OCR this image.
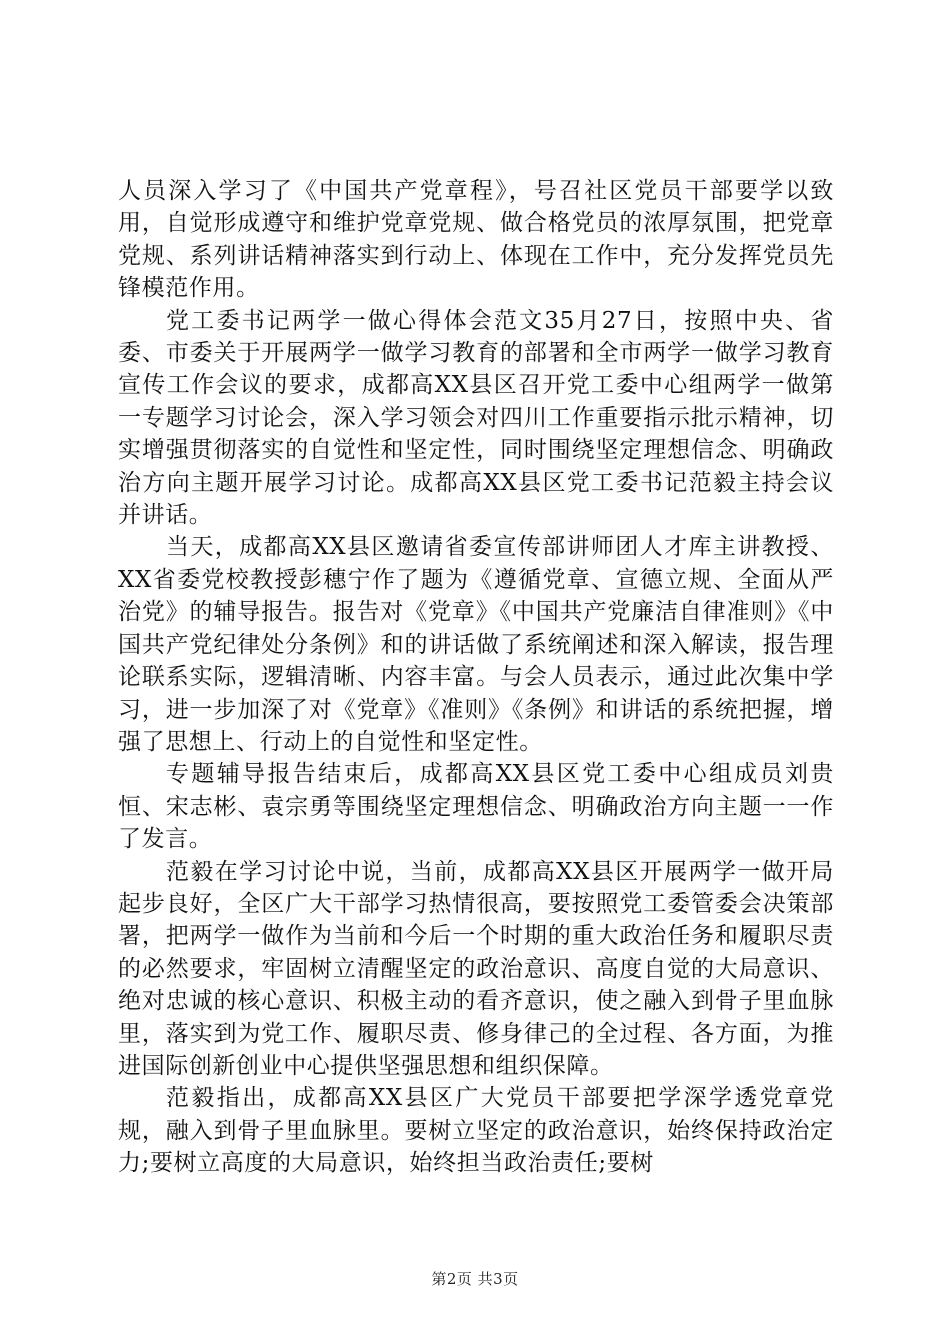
人员深入学习了《中国共产党章程》，号召社区党员干部要学以致用，自觉形成遵守和维护党章党规、做合格党员的浓厚氛围，把党章党规、系列讲话精神落实到行动上、体现在工作中，充分发挥党员先锋模范作用。

党工委书记两学一做心得体会范文35月27日，按照中央、省委、市委关于开展两学一做学习教育的部署和全市两学一做学习教育宣传工作会议的要求，成都高XX县区召开党工委中心组两学一做第一专题学习讨论会，深入学习领会对四川工作重要指示批示精神，切实增强贯彻落实的自觉性和坚定性，同时围绕坚定理想信念、明确政治方向主题开展学习讨论。成都高XX县区党工委书记范毅主持会议并讲话。

当天，成都高XX县区邀请省委宣传部讲师团人才库主讲教授、XX省委党校教授彭穗宁作了题为《遵循党章、宣德立规、全面从严治党》的辅导报告。报告对《党章》《中国共产党廉洁自律准则》《中国共产党纪律处分条例》和的讲话做了系统阐述和深入解读，报告理论联系实际，逻辑清晰、内容丰富。与会人员表示，通过此次集中学习，进一步加深了对《党章》《准则》《条例》和讲话的系统把握，增强了思想上、行动上的自觉性和坚定性。

专题辅导报告结束后，成都高XX县区党工委中心组成员刘贵恒、宋志彬、袁宗勇等围绕坚定理想信念、明确政治方向主题一一作了发言。

范毅在学习讨论中说，当前，成都高XX县区开展两学一做开局起步良好，全区广大干部学习热情很高，要按照党工委管委会决策部署，把两学一做作为当前和今后一个时期的重大政治任务和履职尽责的必然要求，牢固树立清醒坚定的政治意识、高度自觉的大局意识、绝对忠诚的核心意识、积极主动的看齐意识，使之融入到骨子里血脉里，落实到为党工作、履职尽责、修身律己的全过程、各方面，为推进国际创新创业中心提供坚强思想和组织保障。

范毅指出，成都高XX县区广大党员干部要把学深学透党章党规，融入到骨子里血脉里。要树立坚定的政治意识，始终保持政治定力;要树立高度的大局意识，始终担当政治责任;要树

第2页 共3页
